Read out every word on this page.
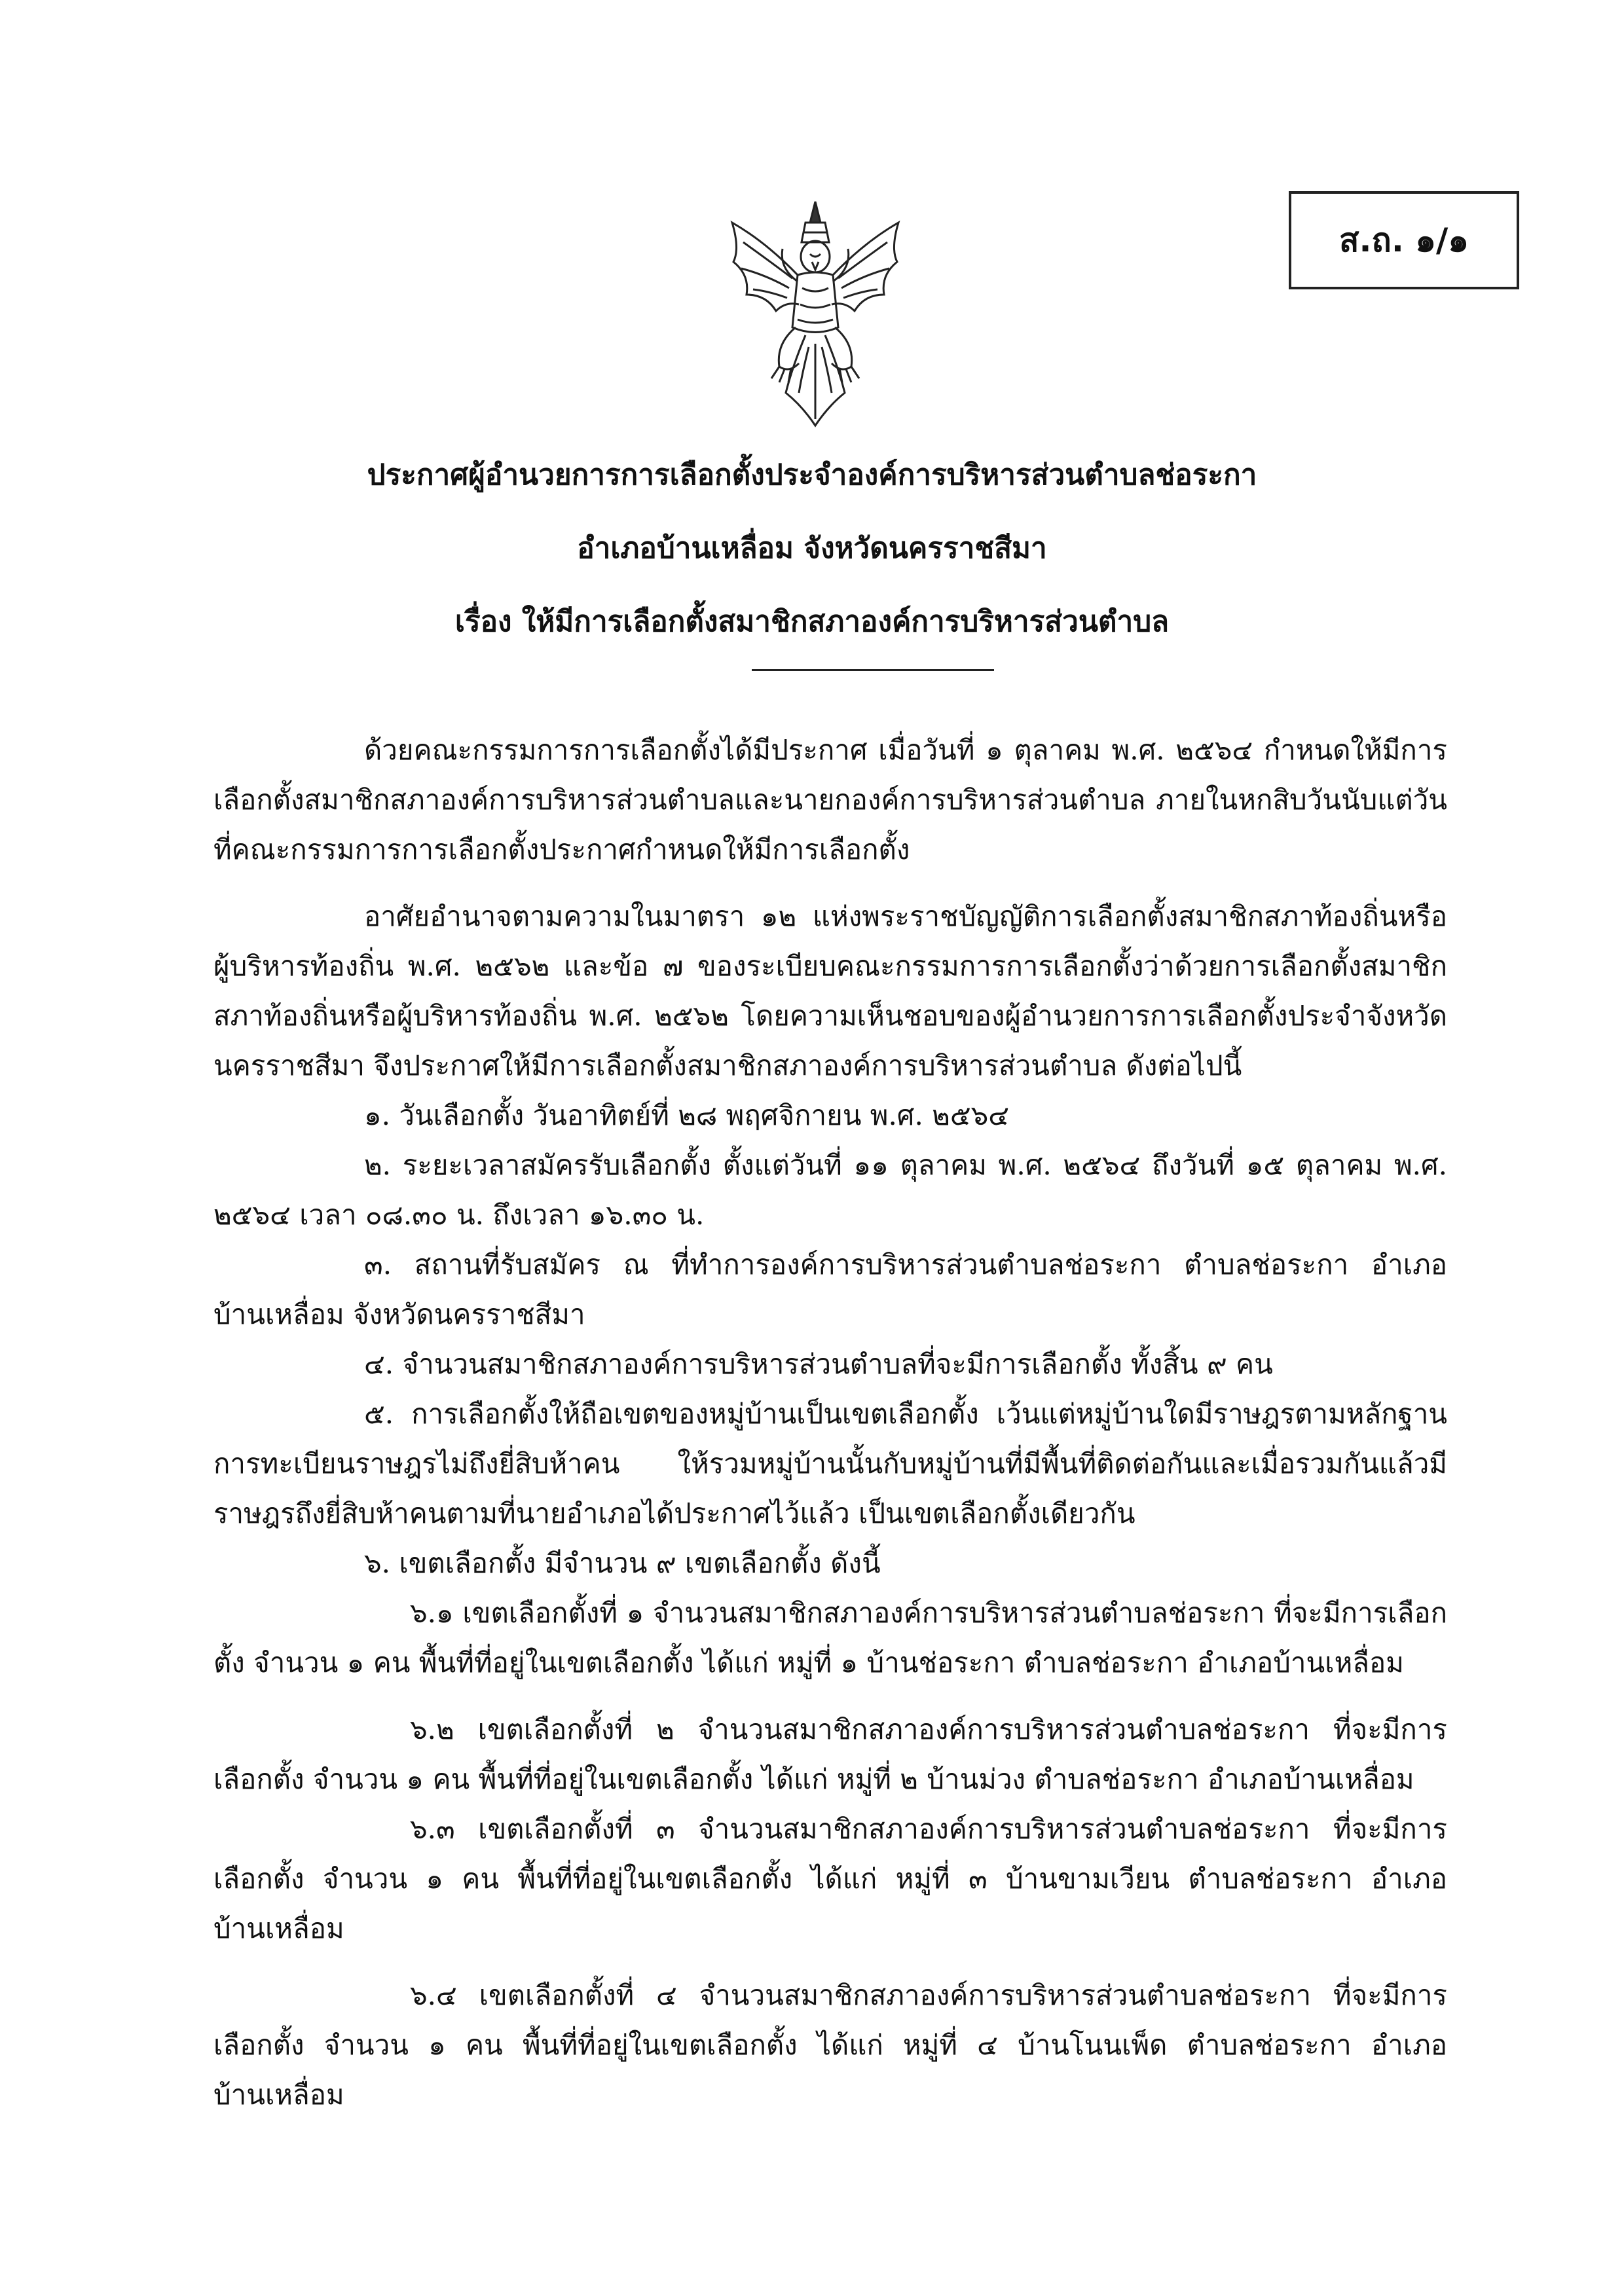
ส.ถ. ๑/๑
ประกาศผู้อำนวยการการเลือกตั้งประจำองค์การบริหารส่วนตำบลช่อระกา
อำเภอบ้านเหลื่อม จังหวัดนครราชสีมา
เรื่อง ให้มีการเลือกตั้งสมาชิกสภาองค์การบริหารส่วนตำบล

ด้วยคณะกรรมการการเลือกตั้งได้มีประกาศ เมื่อวันที่ ๑ ตุลาคม พ.ศ. ๒๕๖๔ กำหนดให้มีการเลือกตั้งสมาชิกสภาองค์การบริหารส่วนตำบลและนายกองค์การบริหารส่วนตำบล ภายในหกสิบวันนับแต่วันที่คณะกรรมการการเลือกตั้งประกาศกำหนดให้มีการเลือกตั้ง

อาศัยอำนาจตามความในมาตรา ๑๒ แห่งพระราชบัญญัติการเลือกตั้งสมาชิกสภาท้องถิ่นหรือผู้บริหารท้องถิ่น พ.ศ. ๒๕๖๒ และข้อ ๗ ของระเบียบคณะกรรมการการเลือกตั้งว่าด้วยการเลือกตั้งสมาชิกสภาท้องถิ่นหรือผู้บริหารท้องถิ่น พ.ศ. ๒๕๖๒ โดยความเห็นชอบของผู้อำนวยการการเลือกตั้งประจำจังหวัดนครราชสีมา จึงประกาศให้มีการเลือกตั้งสมาชิกสภาองค์การบริหารส่วนตำบล ดังต่อไปนี้

๑. วันเลือกตั้ง วันอาทิตย์ที่ ๒๘ พฤศจิกายน พ.ศ. ๒๕๖๔

๒. ระยะเวลาสมัครรับเลือกตั้ง ตั้งแต่วันที่ ๑๑ ตุลาคม พ.ศ. ๒๕๖๔ ถึงวันที่ ๑๕ ตุลาคม พ.ศ. ๒๕๖๔ เวลา ๐๘.๓๐ น. ถึงเวลา ๑๖.๓๐ น.

๓. สถานที่รับสมัคร ณ ที่ทำการองค์การบริหารส่วนตำบลช่อระกา ตำบลช่อระกา อำเภอบ้านเหลื่อม จังหวัดนครราชสีมา

๔. จำนวนสมาชิกสภาองค์การบริหารส่วนตำบลที่จะมีการเลือกตั้ง ทั้งสิ้น ๙ คน

๕. การเลือกตั้งให้ถือเขตของหมู่บ้านเป็นเขตเลือกตั้ง เว้นแต่หมู่บ้านใดมีราษฎรตามหลักฐานการทะเบียนราษฎรไม่ถึงยี่สิบห้าคน ให้รวมหมู่บ้านนั้นกับหมู่บ้านที่มีพื้นที่ติดต่อกันและเมื่อรวมกันแล้วมีราษฎรถึงยี่สิบห้าคนตามที่นายอำเภอได้ประกาศไว้แล้ว เป็นเขตเลือกตั้งเดียวกัน

๖. เขตเลือกตั้ง มีจำนวน ๙ เขตเลือกตั้ง ดังนี้

๖.๑ เขตเลือกตั้งที่ ๑ จำนวนสมาชิกสภาองค์การบริหารส่วนตำบลช่อระกา ที่จะมีการเลือกตั้ง จำนวน ๑ คน พื้นที่ที่อยู่ในเขตเลือกตั้ง ได้แก่ หมู่ที่ ๑ บ้านช่อระกา ตำบลช่อระกา อำเภอบ้านเหลื่อม

๖.๒ เขตเลือกตั้งที่ ๒ จำนวนสมาชิกสภาองค์การบริหารส่วนตำบลช่อระกา ที่จะมีการเลือกตั้ง จำนวน ๑ คน พื้นที่ที่อยู่ในเขตเลือกตั้ง ได้แก่ หมู่ที่ ๒ บ้านม่วง ตำบลช่อระกา อำเภอบ้านเหลื่อม

๖.๓ เขตเลือกตั้งที่ ๓ จำนวนสมาชิกสภาองค์การบริหารส่วนตำบลช่อระกา ที่จะมีการเลือกตั้ง จำนวน ๑ คน พื้นที่ที่อยู่ในเขตเลือกตั้ง ได้แก่ หมู่ที่ ๓ บ้านขามเวียน ตำบลช่อระกา อำเภอบ้านเหลื่อม

๖.๔ เขตเลือกตั้งที่ ๔ จำนวนสมาชิกสภาองค์การบริหารส่วนตำบลช่อระกา ที่จะมีการเลือกตั้ง จำนวน ๑ คน พื้นที่ที่อยู่ในเขตเลือกตั้ง ได้แก่ หมู่ที่ ๔ บ้านโนนเพ็ด ตำบลช่อระกา อำเภอบ้านเหลื่อม
